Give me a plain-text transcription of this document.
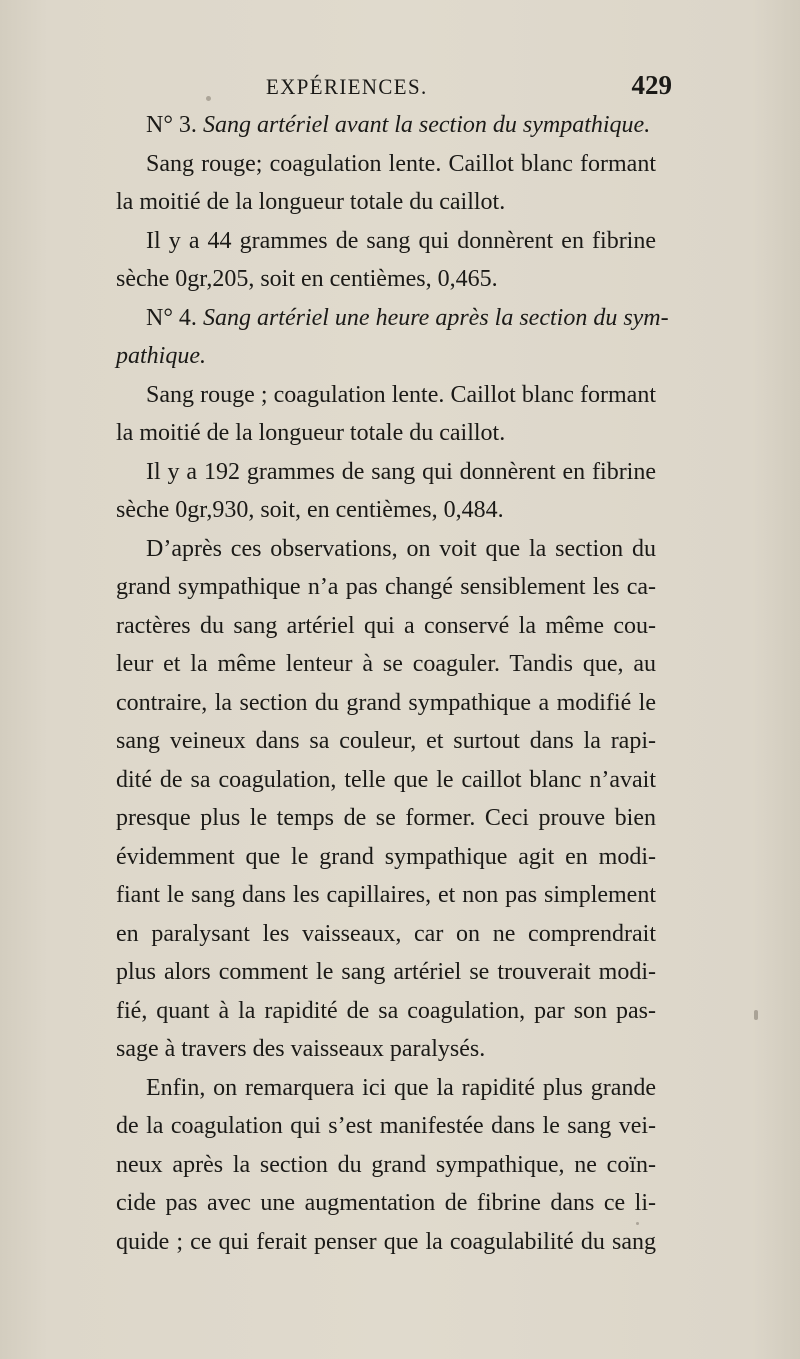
EXPÉRIENCES.	429
N° 3. Sang artériel avant la section du sympathique.
Sang rouge; coagulation lente. Caillot blanc formant
la moitié de la longueur totale du caillot.
Il y a 44 grammes de sang qui donnèrent en fibrine
sèche 0gr,205, soit en centièmes, 0,465.
N° 4. Sang artériel une heure après la section du sym-
pathique.
Sang rouge ; coagulation lente. Caillot blanc formant
la moitié de la longueur totale du caillot.
Il y a 192 grammes de sang qui donnèrent en fibrine
sèche 0gr,930, soit, en centièmes, 0,484.
D’après ces observations, on voit que la section du
grand sympathique n’a pas changé sensiblement les ca-
ractères du sang artériel qui a conservé la même cou-
leur et la même lenteur à se coaguler. Tandis que, au
contraire, la section du grand sympathique a modifié le
sang veineux dans sa couleur, et surtout dans la rapi-
dité de sa coagulation, telle que le caillot blanc n’avait
presque plus le temps de se former. Ceci prouve bien
évidemment que le grand sympathique agit en modi-
fiant le sang dans les capillaires, et non pas simplement
en paralysant les vaisseaux, car on ne comprendrait
plus alors comment le sang artériel se trouverait modi-
fié, quant à la rapidité de sa coagulation, par son pas-
sage à travers des vaisseaux paralysés.
Enfin, on remarquera ici que la rapidité plus grande
de la coagulation qui s’est manifestée dans le sang vei-
neux après la section du grand sympathique, ne coïn-
cide pas avec une augmentation de fibrine dans ce li-
quide ; ce qui ferait penser que la coagulabilité du sang
